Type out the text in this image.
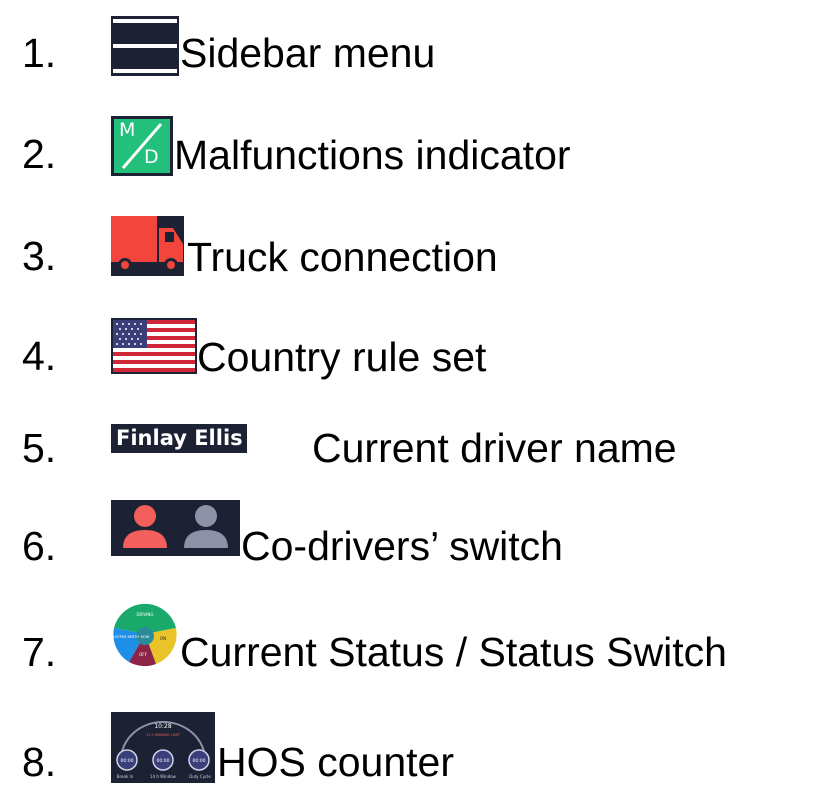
1.	Sidebar menu
2.
M
D Malfunctions indicator
3.	Truck connection
4.	Country rule set
5.	Finlay Ellis Current driver name
6.	Co-drivers’ switch
7.
DRIVING
SLEEPER BERTH
OFF
ON
ROW Current Status / Status Switch
8.
10:28
11 h DRIVING LIMIT
00:00	00:00	00:00
Break In	14 h Window	Duty Cycle HOS counter
